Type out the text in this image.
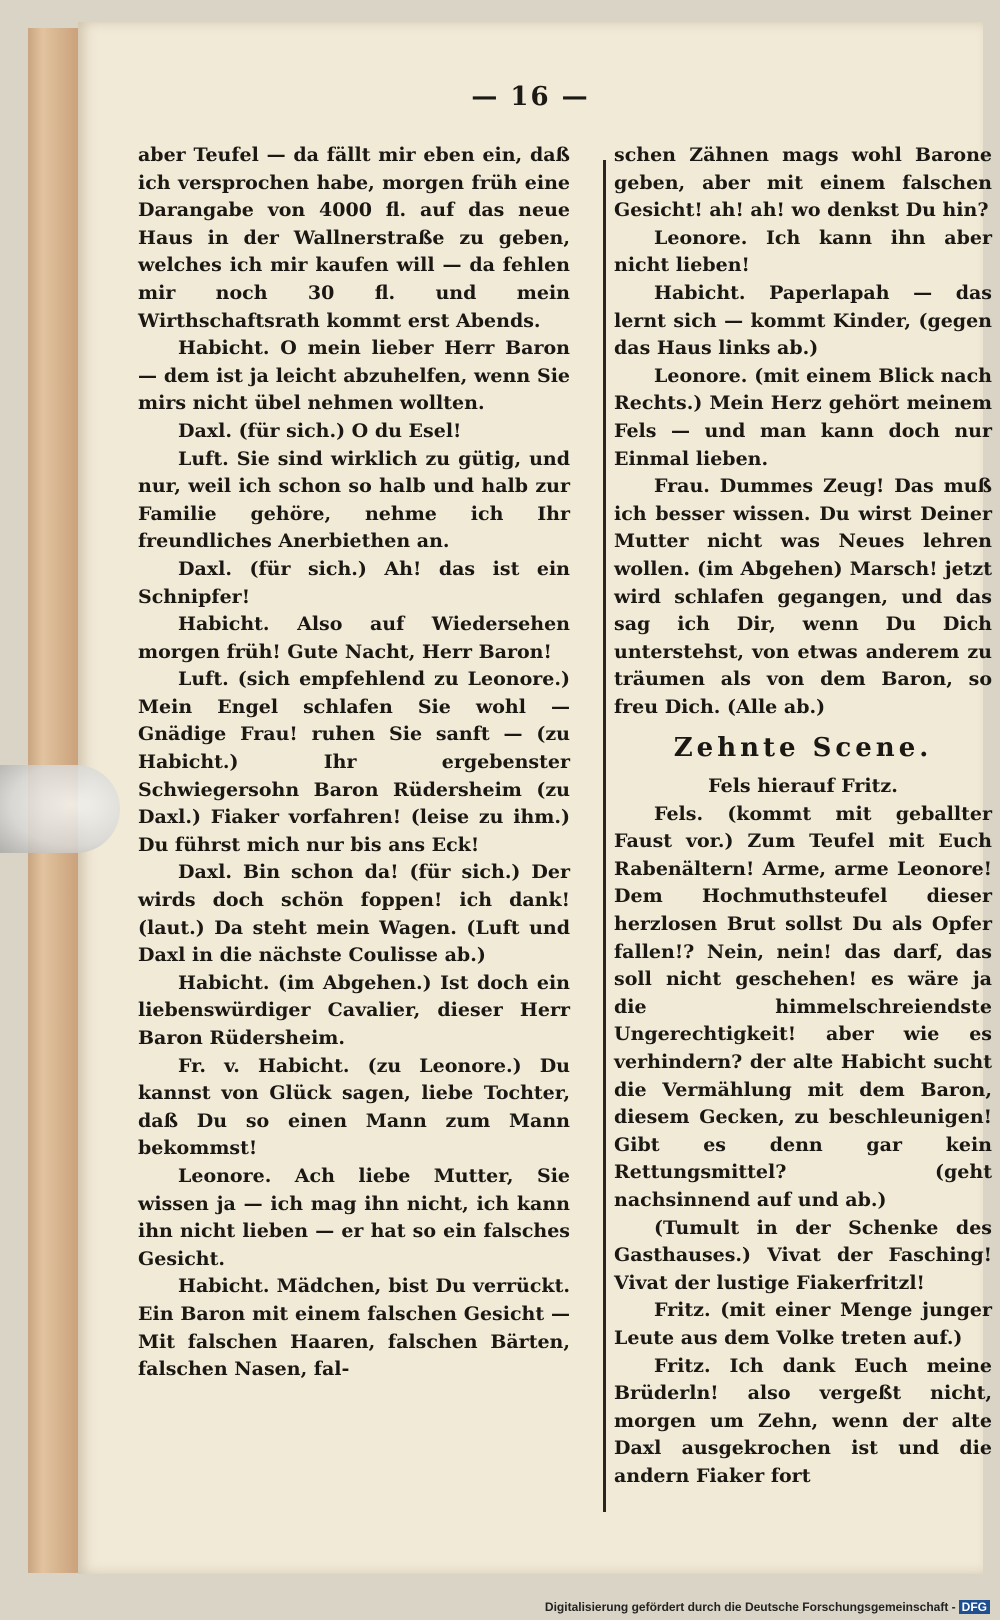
— 16 —

aber Teufel — da fällt mir eben ein, daß ich versprochen habe, morgen früh eine Darangabe von 4000 fl. auf das neue Haus in der Wallnerstraße zu geben, welches ich mir kaufen will — da fehlen mir noch 30 fl. und mein Wirthschaftsrath kommt erst Abends.

Habicht. O mein lieber Herr Baron — dem ist ja leicht abzuhelfen, wenn Sie mirs nicht übel nehmen wollten.

Daxl. (für sich.) O du Esel!

Luft. Sie sind wirklich zu gütig, und nur, weil ich schon so halb und halb zur Familie gehöre, nehme ich Ihr freundliches Anerbiethen an.

Daxl. (für sich.) Ah! das ist ein Schnipfer!

Habicht. Also auf Wiedersehen morgen früh! Gute Nacht, Herr Baron!

Luft. (sich empfehlend zu Leonore.) Mein Engel schlafen Sie wohl — Gnädige Frau! ruhen Sie sanft — (zu Habicht.) Ihr ergebenster Schwiegersohn Baron Rüdersheim (zu Daxl.) Fiaker vorfahren! (leise zu ihm.) Du führst mich nur bis ans Eck!

Daxl. Bin schon da! (für sich.) Der wirds doch schön foppen! ich dank! (laut.) Da steht mein Wagen. (Luft und Daxl in die nächste Coulisse ab.)

Habicht. (im Abgehen.) Ist doch ein liebenswürdiger Cavalier, dieser Herr Baron Rüdersheim.

Fr. v. Habicht. (zu Leonore.) Du kannst von Glück sagen, liebe Tochter, daß Du so einen Mann zum Mann bekommst!

Leonore. Ach liebe Mutter, Sie wissen ja — ich mag ihn nicht, ich kann ihn nicht lieben — er hat so ein falsches Gesicht.

Habicht. Mädchen, bist Du verrückt. Ein Baron mit einem falschen Gesicht — Mit falschen Haaren, falschen Bärten, falschen Nasen, fal-

schen Zähnen mags wohl Barone geben, aber mit einem falschen Gesicht! ah! ah! wo denkst Du hin?

Leonore. Ich kann ihn aber nicht lieben!

Habicht. Paperlapah — das lernt sich — kommt Kinder, (gegen das Haus links ab.)

Leonore. (mit einem Blick nach Rechts.) Mein Herz gehört meinem Fels — und man kann doch nur Einmal lieben.

Frau. Dummes Zeug! Das muß ich besser wissen. Du wirst Deiner Mutter nicht was Neues lehren wollen. (im Abgehen) Marsch! jetzt wird schlafen gegangen, und das sag ich Dir, wenn Du Dich unterstehst, von etwas anderem zu träumen als von dem Baron, so freu Dich. (Alle ab.)

Zehnte Scene.

Fels hierauf Fritz.

Fels. (kommt mit geballter Faust vor.) Zum Teufel mit Euch Rabenältern! Arme, arme Leonore! Dem Hochmuthsteufel dieser herzlosen Brut sollst Du als Opfer fallen!? Nein, nein! das darf, das soll nicht geschehen! es wäre ja die himmelschreiendste Ungerechtigkeit! aber wie es verhindern? der alte Habicht sucht die Vermählung mit dem Baron, diesem Gecken, zu beschleunigen! Gibt es denn gar kein Rettungsmittel? (geht nachsinnend auf und ab.)

(Tumult in der Schenke des Gasthauses.) Vivat der Fasching! Vivat der lustige Fiakerfritzl!

Fritz. (mit einer Menge junger Leute aus dem Volke treten auf.)

Fritz. Ich dank Euch meine Brüderln! also vergeßt nicht, morgen um Zehn, wenn der alte Daxl ausgekrochen ist und die andern Fiaker fort

Digitalisierung gefördert durch die Deutsche Forschungsgemeinschaft - DFG
